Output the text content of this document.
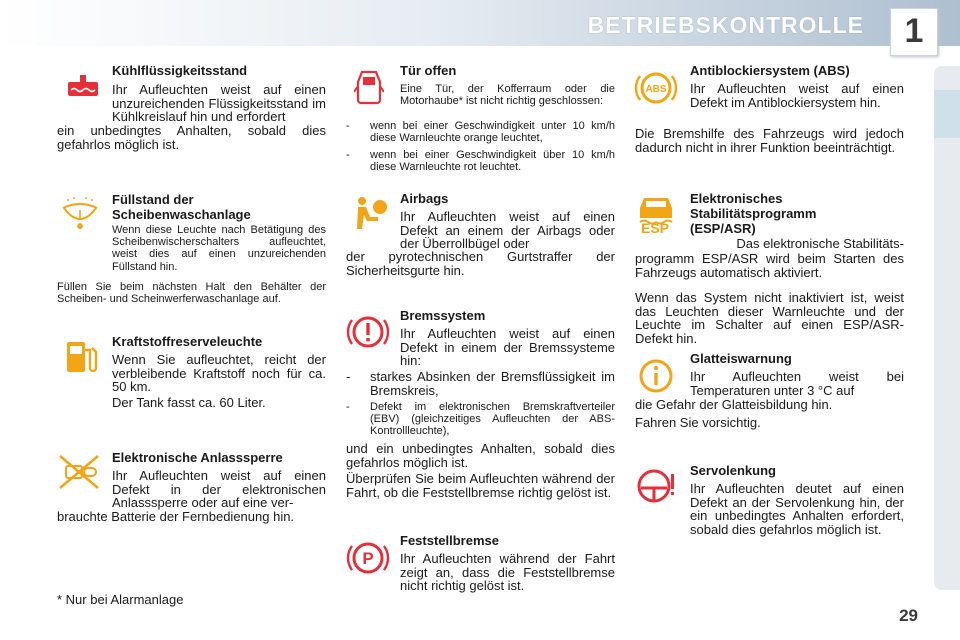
BETRIEBSKONTROLLE	1
Kühlflüssigkeitsstand
Ihr Aufleuchten weist auf einen unzureichenden Flüssigkeitsstand im Kühlkreislauf hin und erfordert
ein unbedingtes Anhalten, sobald dies gefahrlos möglich ist.
Füllstand der Scheibenwaschanlage
Wenn diese Leuchte nach Betätigung des Scheibenwischerschalters aufleuchtet, weist dies auf einen unzureichenden Füllstand hin.
Füllen Sie beim nächsten Halt den Behälter der Scheiben- und Scheinwerferwaschanlage auf.
Kraftstoffreserveleuchte
Wenn Sie aufleuchtet, reicht der verbleibende Kraftstoff noch für ca. 50 km.
Der Tank fasst ca. 60 Liter.
Elektronische Anlasssperre
Ihr Aufleuchten weist auf einen Defekt in der elektronischen Anlasssperre oder auf eine ver-
brauchte Batterie der Fernbedienung hin.
* Nur bei Alarmanlage
Tür offen
Eine Tür, der Kofferraum oder die Motorhaube* ist nicht richtig geschlossen:
- wenn bei einer Geschwindigkeit unter 10 km/h diese Warnleuchte orange leuchtet,
- wenn bei einer Geschwindigkeit über 10 km/h diese Warnleuchte rot leuchtet.
Airbags
Ihr Aufleuchten weist auf einen Defekt an einem der Airbags oder der Überrollbügel oder
der pyrotechnischen Gurtstraffer der Sicherheitsgurte hin.
Bremssystem
Ihr Aufleuchten weist auf einen Defekt in einem der Bremssysteme hin:
- starkes Absinken der Bremsflüssigkeit im Bremskreis,
- Defekt im elektronischen Bremskraftverteiler (EBV) (gleichzeitiges Aufleuchten der ABS-Kontrollleuchte),
und ein unbedingtes Anhalten, sobald dies gefahrlos möglich ist.
Überprüfen Sie beim Aufleuchten während der Fahrt, ob die Feststellbremse richtig gelöst ist.
P
Feststellbremse
Ihr Aufleuchten während der Fahrt zeigt an, dass die Feststellbremse nicht richtig gelöst ist.
ABS
Antiblockiersystem (ABS)
Ihr Aufleuchten weist auf einen Defekt im Antiblockiersystem hin.
Die Bremshilfe des Fahrzeugs wird jedoch dadurch nicht in ihrer Funktion beeinträchtigt.
ESP
Elektronisches Stabilitätsprogramm (ESP/ASR)
Das elektronische Stabilitäts-
programm ESP/ASR wird beim Starten des Fahrzeugs automatisch aktiviert.
Wenn das System nicht inaktiviert ist, weist das Leuchten dieser Warnleuchte und der Leuchte im Schalter auf einen ESP/ASR-Defekt hin.
Glatteiswarnung
Ihr Aufleuchten weist bei Temperaturen unter 3 °C auf
die Gefahr der Glatteisbildung hin.
Fahren Sie vorsichtig.
Servolenkung
Ihr Aufleuchten deutet auf einen Defekt an der Servolenkung hin, der ein unbedingtes Anhalten erfordert, sobald dies gefahrlos möglich ist.
29
